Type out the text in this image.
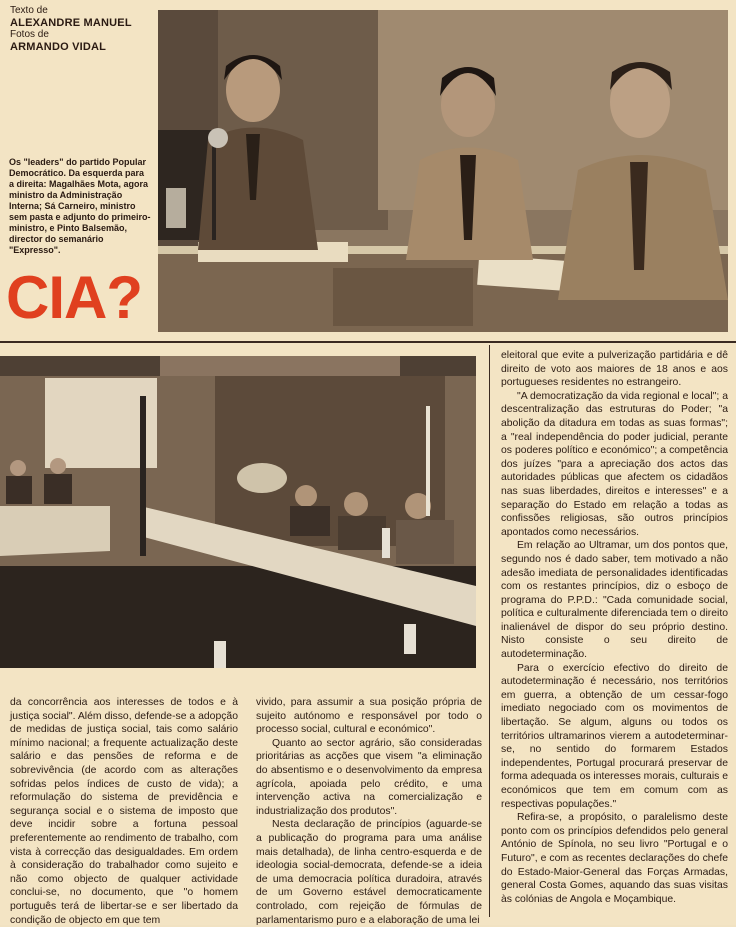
Texto de
ALEXANDRE MANUEL
Fotos de
ARMANDO VIDAL
Os "leaders" do partido Popular Democrático. Da esquerda para a direita: Magalhães Mota, agora ministro da Administração Interna; Sá Carneiro, ministro sem pasta e adjunto do primeiro-ministro, e Pinto Balsemão, director do semanário "Expresso".
CIA?

da concorrência aos interesses de todos e à justiça social". Além disso, defende-se a adopção de medidas de justiça social, tais como salário mínimo nacional; a frequente actualização deste salário e das pensões de reforma e de sobrevivência (de acordo com as alterações sofridas pelos índices de custo de vida); a reformulação do sistema de previdência e segurança social e o sistema de imposto que deve incidir sobre a fortuna pessoal preferentemente ao rendimento de trabalho, com vista à correcção das desigualdades. Em ordem à consideração do trabalhador como sujeito e não como objecto de qualquer actividade conclui-se, no documento, que "o homem português terá de libertar-se e ser libertado da condição de objecto em que tem

vivido, para assumir a sua posição própria de sujeito autónomo e responsável por todo o processo social, cultural e económico".

Quanto ao sector agrário, são consideradas prioritárias as acções que visem "a eliminação do absentismo e o desenvolvimento da empresa agrícola, apoiada pelo crédito, e uma intervenção activa na comercialização e industrialização dos produtos".

Nesta declaração de princípios (aguarde-se a publicação do programa para uma análise mais detalhada), de linha centro-esquerda e de ideologia social-democrata, defende-se a ideia de uma democracia política duradoira, através de um Governo estável democraticamente controlado, com rejeição de fórmulas de parlamentarismo puro e a elaboração de uma lei

eleitoral que evite a pulverização partidária e dê direito de voto aos maiores de 18 anos e aos portugueses residentes no estrangeiro.

"A democratização da vida regional e local"; a descentralização das estruturas do Poder; "a abolição da ditadura em todas as suas formas"; a "real independência do poder judicial, perante os poderes político e económico"; a competência dos juízes "para a apreciação dos actos das autoridades públicas que afectem os cidadãos nas suas liberdades, direitos e interesses" e a separação do Estado em relação a todas as confissões religiosas, são outros princípios apontados como necessários.

Em relação ao Ultramar, um dos pontos que, segundo nos é dado saber, tem motivado a não adesão imediata de personalidades identificadas com os restantes princípios, diz o esboço de programa do P.P.D.: "Cada comunidade social, política e culturalmente diferenciada tem o direito inalienável de dispor do seu próprio destino. Nisto consiste o seu direito de autodeterminação.

Para o exercício efectivo do direito de autodeterminação é necessário, nos territórios em guerra, a obtenção de um cessar-fogo imediato negociado com os movimentos de libertação. Se algum, alguns ou todos os territórios ultramarinos vierem a autodeterminar-se, no sentido do formarem Estados independentes, Portugal procurará preservar de forma adequada os interesses morais, culturais e económicos que tem em comum com as respectivas populações."

Refira-se, a propósito, o paralelismo deste ponto com os princípios defendidos pelo general António de Spínola, no seu livro "Portugal e o Futuro", e com as recentes declarações do chefe do Estado-Maior-General das Forças Armadas, general Costa Gomes, aquando das suas visitas às colónias de Angola e Moçambique.
